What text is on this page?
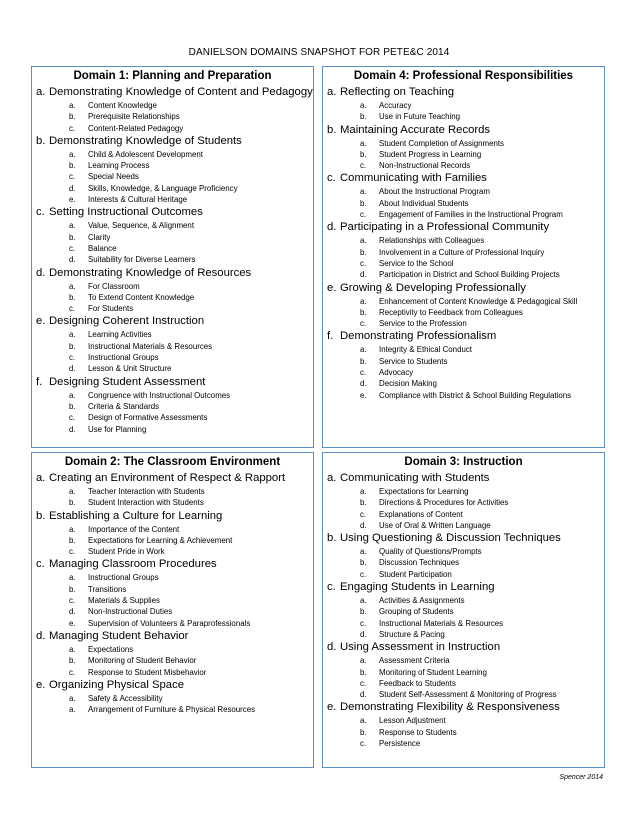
DANIELSON DOMAINS SNAPSHOT FOR PETE&C 2014
Domain 1: Planning and Preparation
a. Demonstrating Knowledge of Content and Pedagogy
a.	Content Knowledge
b.	Prerequisite Relationships
c.	Content-Related Pedagogy
b. Demonstrating Knowledge of Students
a.	Child & Adolescent Development
b.	Learning Process
c.	Special Needs
d.	Skills, Knowledge, & Language Proficiency
e.	Interests & Cultural Heritage
c. Setting Instructional Outcomes
a.	Value, Sequence, & Alignment
b.	Clarity
c.	Balance
d.	Suitability for Diverse Learners
d. Demonstrating Knowledge of Resources
a.	For Classroom
b.	To Extend Content Knowledge
c.	For Students
e. Designing Coherent Instruction
a.	Learning Activities
b.	Instructional Materials & Resources
c.	Instructional Groups
d.	Lesson & Unit Structure
f. Designing Student Assessment
a.	Congruence with Instructional Outcomes
b.	Criteria & Standards
c.	Design of Formative Assessments
d.	Use for Planning
Domain 4: Professional Responsibilities
a. Reflecting on Teaching
a.	Accuracy
b.	Use in Future Teaching
b. Maintaining Accurate Records
a.	Student Completion of Assignments
b.	Student Progress in Learning
c.	Non-Instructional Records
c. Communicating with Families
a.	About the Instructional Program
b.	About Individual Students
c.	Engagement of Families in the Instructional Program
d. Participating in a Professional Community
a.	Relationships with Colleagues
b.	Involvement in a Culture of Professional Inquiry
c.	Service to the School
d.	Participation in District and School Building Projects
e. Growing & Developing Professionally
a.	Enhancement of Content Knowledge & Pedagogical Skill
b.	Receptivity to Feedback from Colleagues
c.	Service to the Profession
f. Demonstrating Professionalism
a.	Integrity & Ethical Conduct
b.	Service to Students
c.	Advocacy
d.	Decision Making
e.	Compliance with District & School Building Regulations
Domain 2: The Classroom Environment
a. Creating an Environment of Respect & Rapport
a.	Teacher Interaction with Students
b.	Student Interaction with Students
b. Establishing a Culture for Learning
a.	Importance of the Content
b.	Expectations for Learning & Achievement
c.	Student Pride in Work
c. Managing Classroom Procedures
a.	Instructional Groups
b.	Transitions
c.	Materials & Supplies
d.	Non-Instructional Duties
e.	Supervision of Volunteers & Paraprofessionals
d. Managing Student Behavior
a.	Expectations
b.	Monitoring of Student Behavior
c.	Response to Student Misbehavior
e. Organizing Physical Space
a.	Safety & Accessibility
a.	Arrangement of Furniture & Physical Resources
Domain 3: Instruction
a. Communicating with Students
a.	Expectations for Learning
b.	Directions & Procedures for Activities
c.	Explanations of Content
d.	Use of Oral & Written Language
b. Using Questioning & Discussion Techniques
a.	Quality of Questions/Prompts
b.	Discussion Techniques
c.	Student Participation
c. Engaging Students in Learning
a.	Activities & Assignments
b.	Grouping of Students
c.	Instructional Materials & Resources
d.	Structure & Pacing
d. Using Assessment in Instruction
a.	Assessment Criteria
b.	Monitoring of Student Learning
c.	Feedback to Students
d.	Student Self-Assessment & Monitoring of Progress
e. Demonstrating Flexibility & Responsiveness
a.	Lesson Adjustment
b.	Response to Students
c.	Persistence
Spencer 2014
